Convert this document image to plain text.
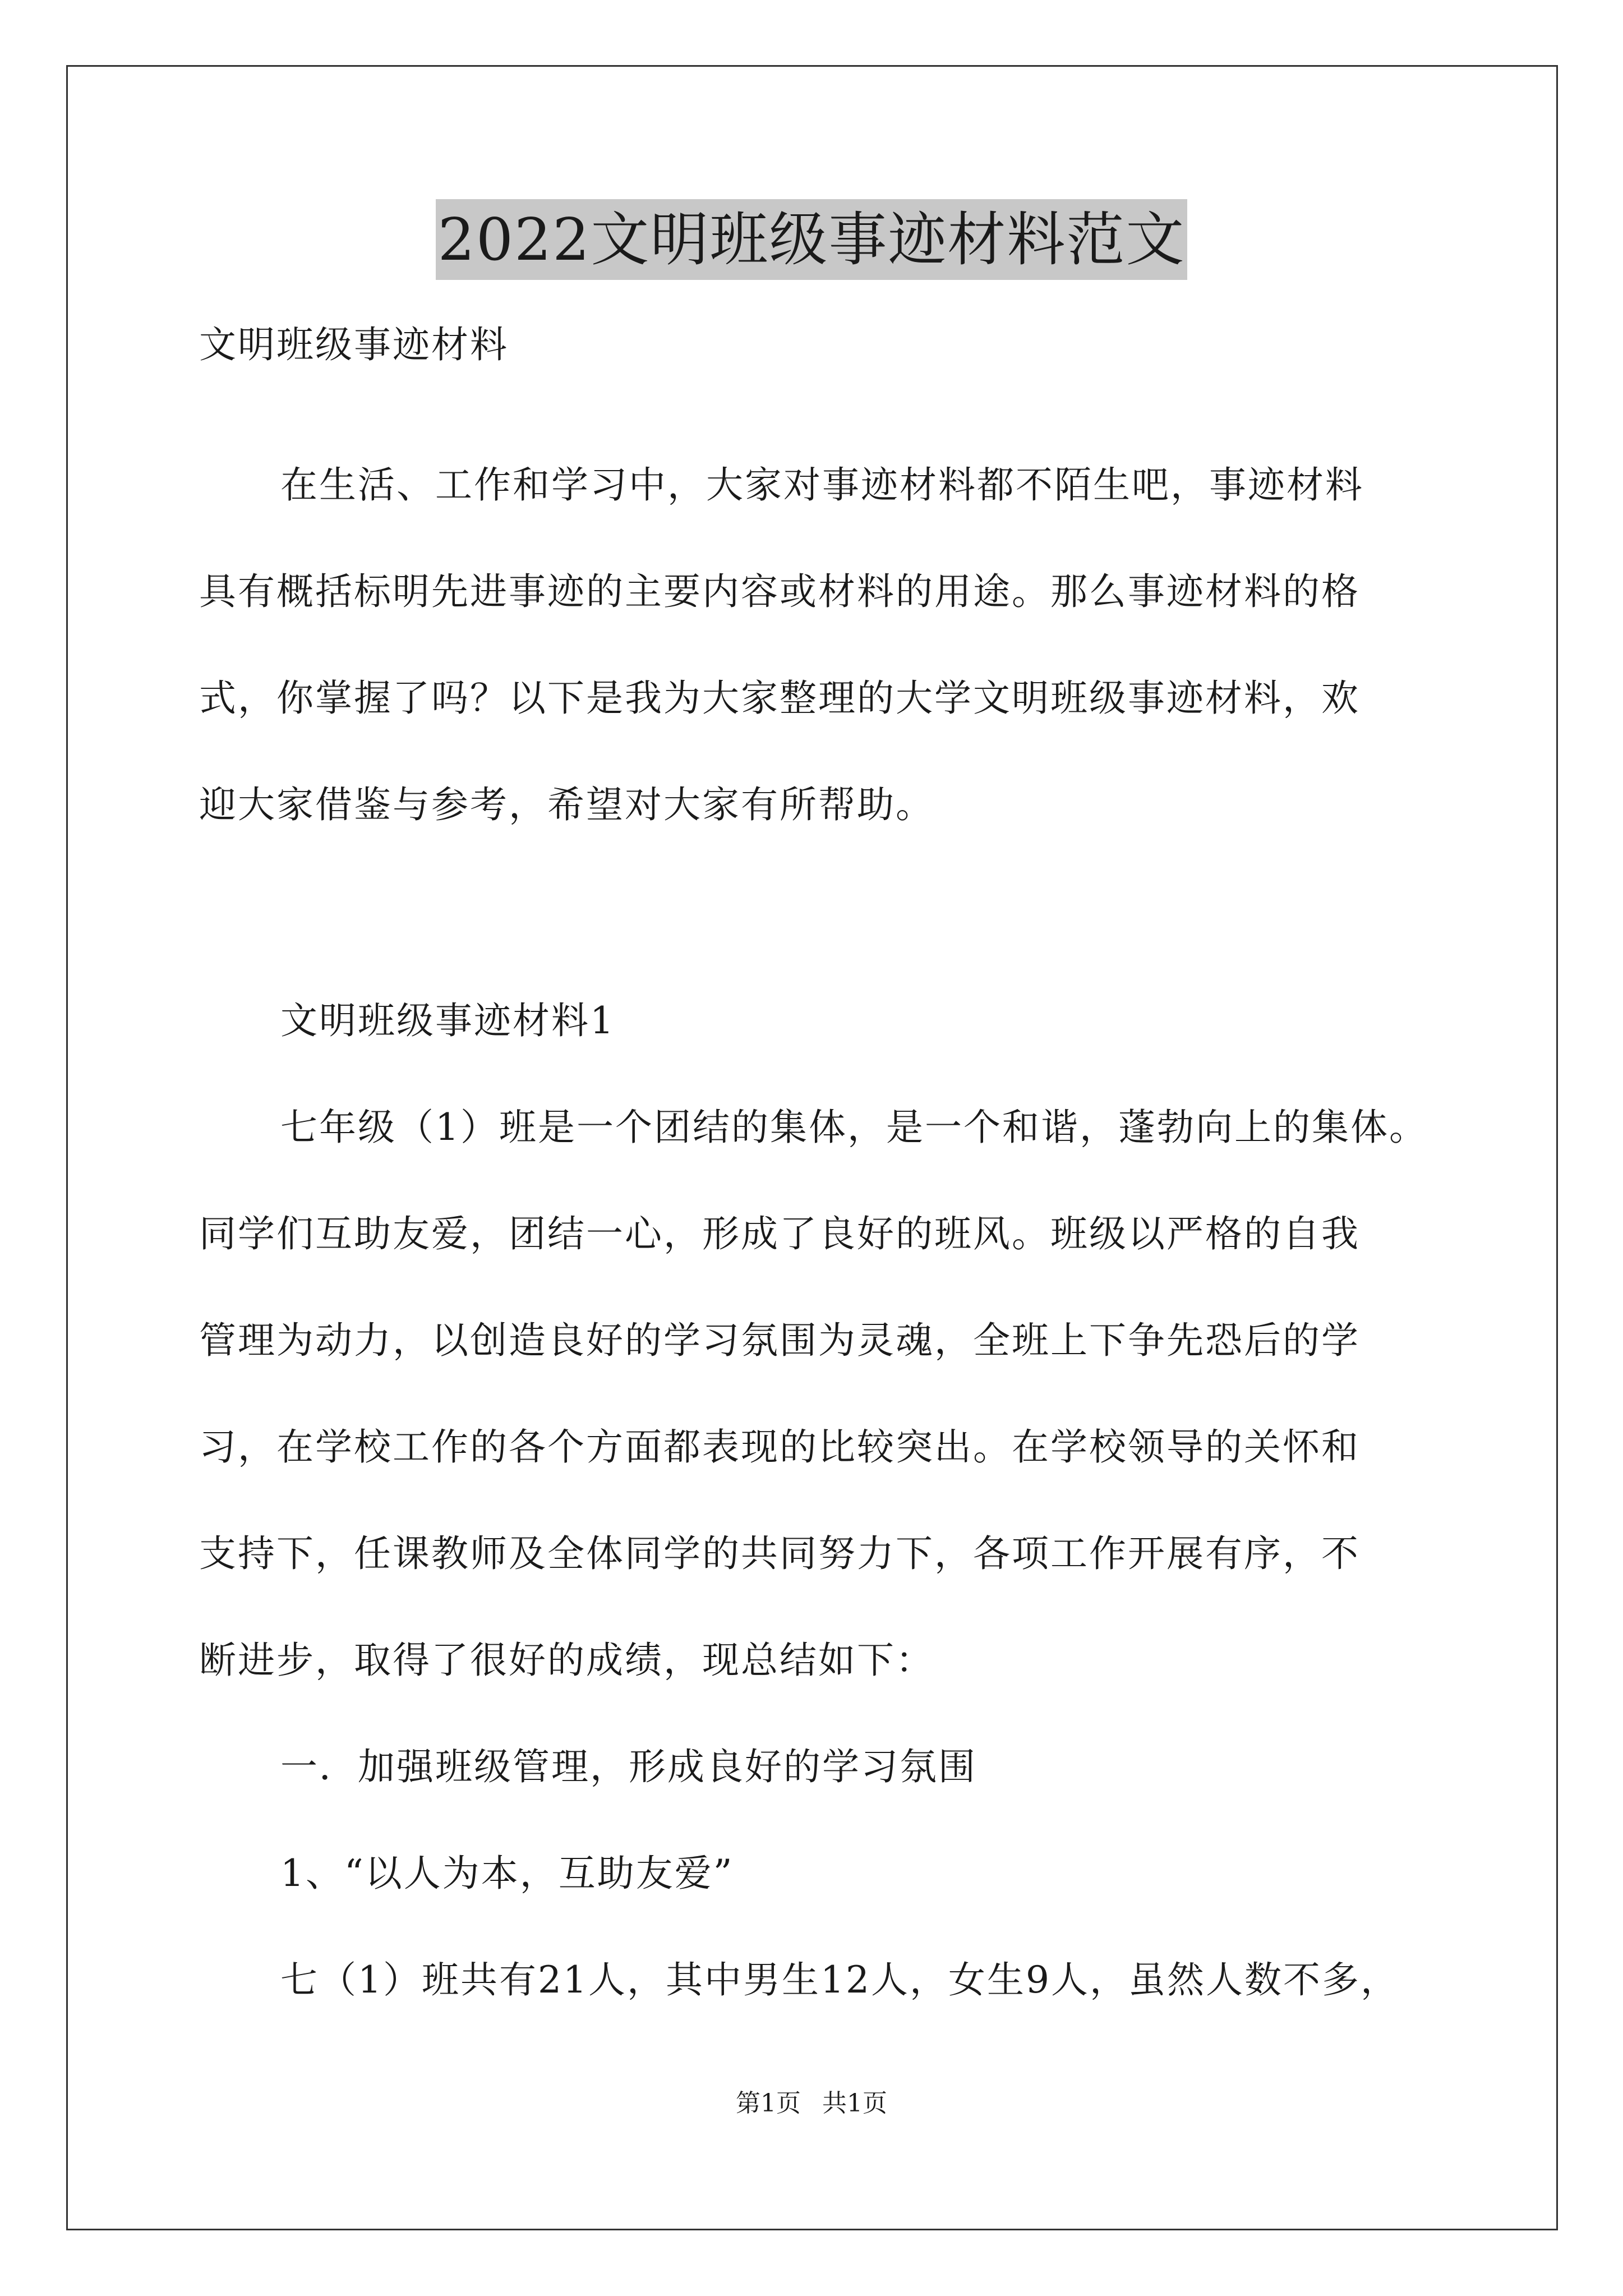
2022文明班级事迹材料范文
文明班级事迹材料
在生活、工作和学习中，大家对事迹材料都不陌生吧，事迹材料
具有概括标明先进事迹的主要内容或材料的用途。那么事迹材料的格
式，你掌握了吗？以下是我为大家整理的大学文明班级事迹材料，欢
迎大家借鉴与参考，希望对大家有所帮助。
文明班级事迹材料1
七年级（1）班是一个团结的集体，是一个和谐，蓬勃向上的集体。
同学们互助友爱，团结一心，形成了良好的班风。班级以严格的自我
管理为动力，以创造良好的学习氛围为灵魂，全班上下争先恐后的学
习，在学校工作的各个方面都表现的比较突出。在学校领导的关怀和
支持下，任课教师及全体同学的共同努力下，各项工作开展有序，不
断进步，取得了很好的成绩，现总结如下：
一．加强班级管理，形成良好的学习氛围
1、“以人为本，互助友爱”
七（1）班共有21人，其中男生12人，女生9人，虽然人数不多，
第1页 共1页
